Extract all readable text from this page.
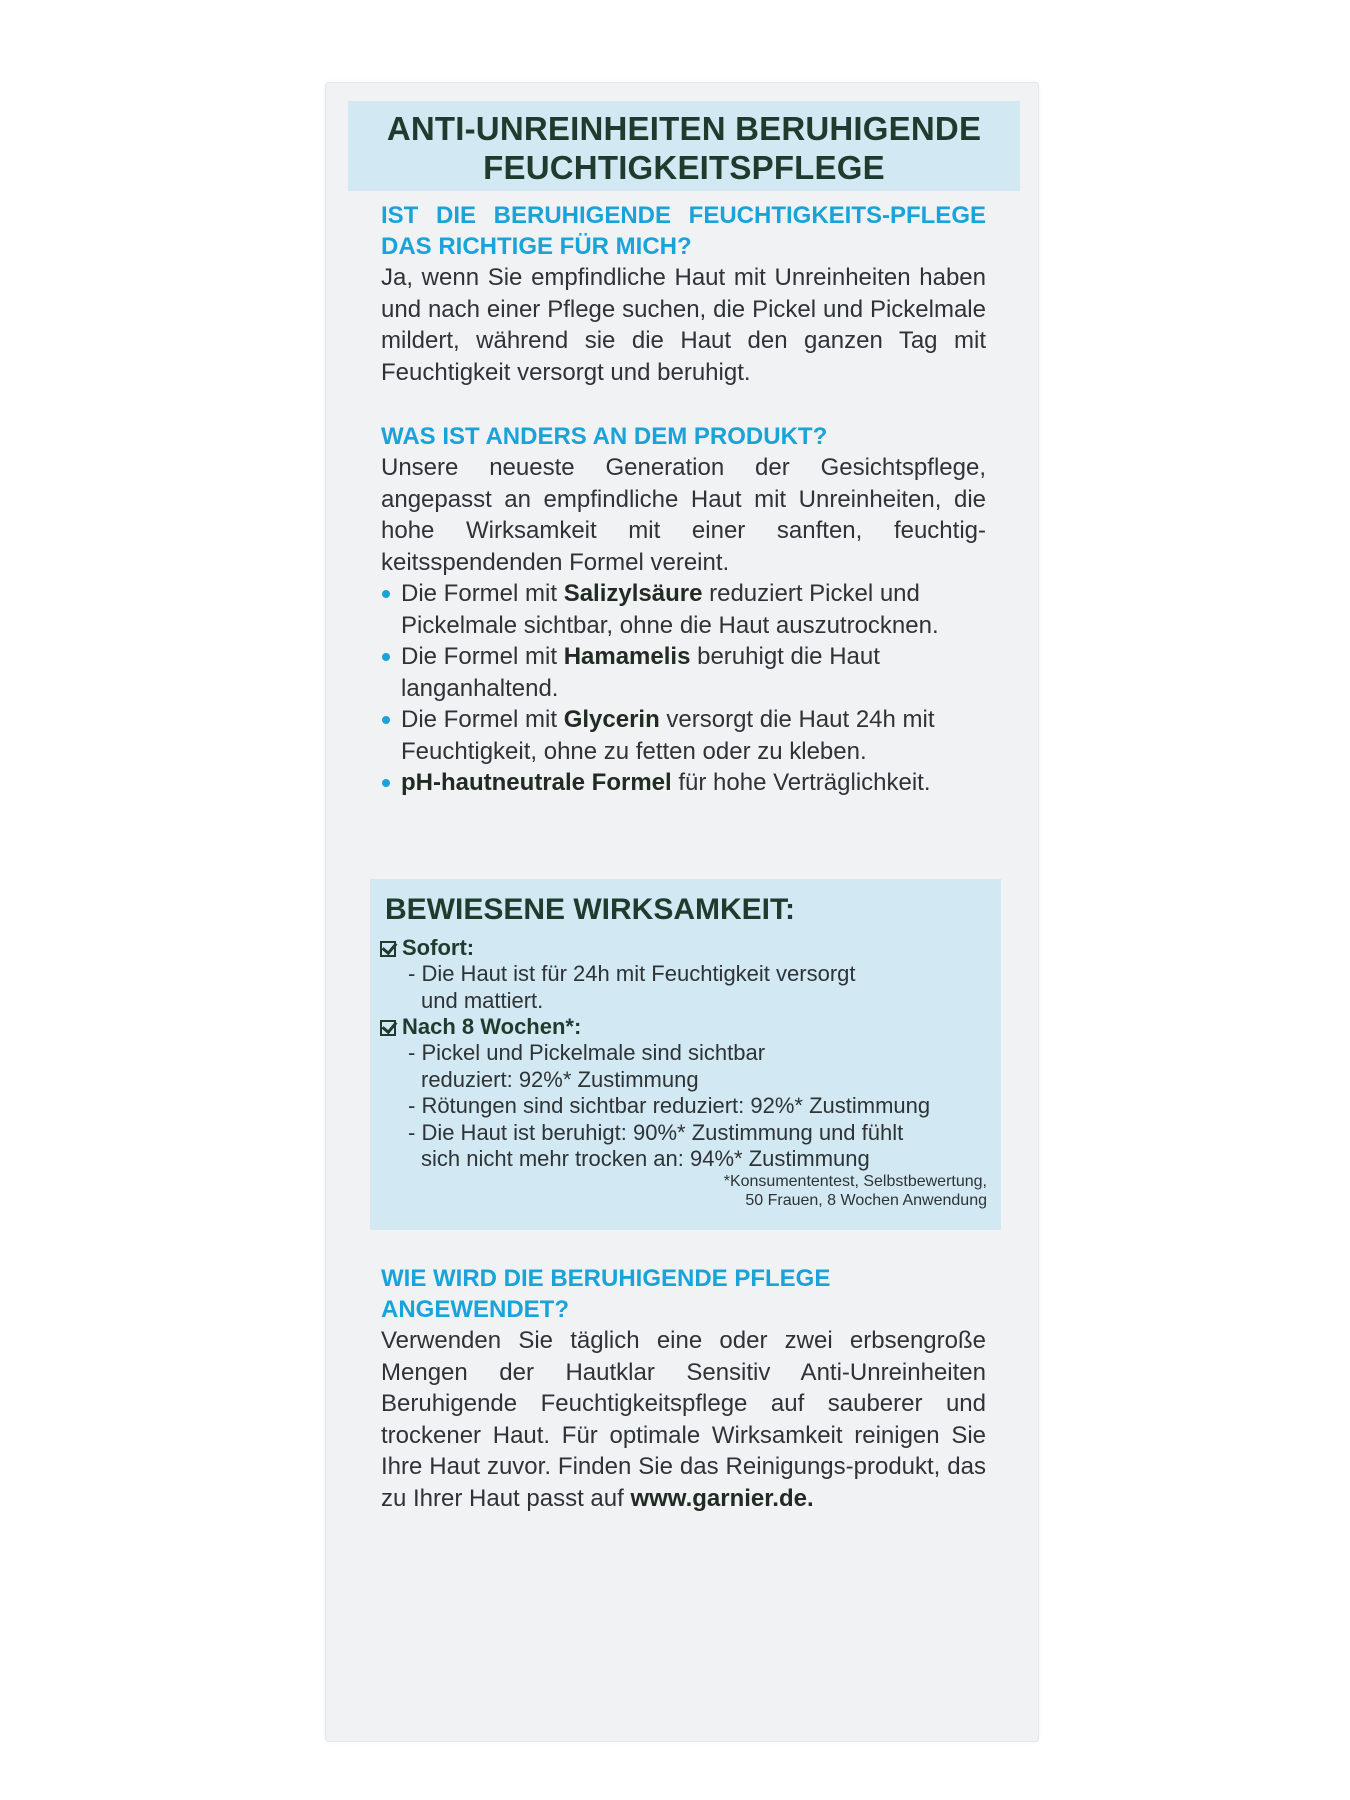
ANTI-UNREINHEITEN BERUHIGENDE
FEUCHTIGKEITSPFLEGE
IST DIE BERUHIGENDE FEUCHTIGKEITS-PFLEGE DAS RICHTIGE FÜR MICH?
Ja, wenn Sie empfindliche Haut mit Unreinheiten haben und nach einer Pflege suchen, die Pickel und Pickelmale mildert, während sie die Haut den ganzen Tag mit Feuchtigkeit versorgt und beruhigt.
WAS IST ANDERS AN DEM PRODUKT?
Unsere neueste Generation der Gesichtspflege, angepasst an empfindliche Haut mit Unreinheiten, die hohe Wirksamkeit mit einer sanften, feuchtig-keitsspendenden Formel vereint.
Die Formel mit Salizylsäure reduziert Pickel und Pickelmale sichtbar, ohne die Haut auszutrocknen.
Die Formel mit Hamamelis beruhigt die Haut langanhaltend.
Die Formel mit Glycerin versorgt die Haut 24h mit Feuchtigkeit, ohne zu fetten oder zu kleben.
pH-hautneutrale Formel für hohe Verträglichkeit.
BEWIESENE WIRKSAMKEIT:
Sofort:
- Die Haut ist für 24h mit Feuchtigkeit versorgt
und mattiert.
Nach 8 Wochen*:
- Pickel und Pickelmale sind sichtbar
reduziert: 92%* Zustimmung
- Rötungen sind sichtbar reduziert: 92%* Zustimmung
- Die Haut ist beruhigt: 90%* Zustimmung und fühlt
sich nicht mehr trocken an: 94%* Zustimmung
*Konsumententest, Selbstbewertung,
50 Frauen, 8 Wochen Anwendung
WIE WIRD DIE BERUHIGENDE PFLEGE ANGEWENDET?
Verwenden Sie täglich eine oder zwei erbsengroße Mengen der Hautklar Sensitiv Anti-Unreinheiten Beruhigende Feuchtigkeitspflege auf sauberer und trockener Haut. Für optimale Wirksamkeit reinigen Sie Ihre Haut zuvor. Finden Sie das Reinigungs-produkt, das zu Ihrer Haut passt auf www.garnier.de.
